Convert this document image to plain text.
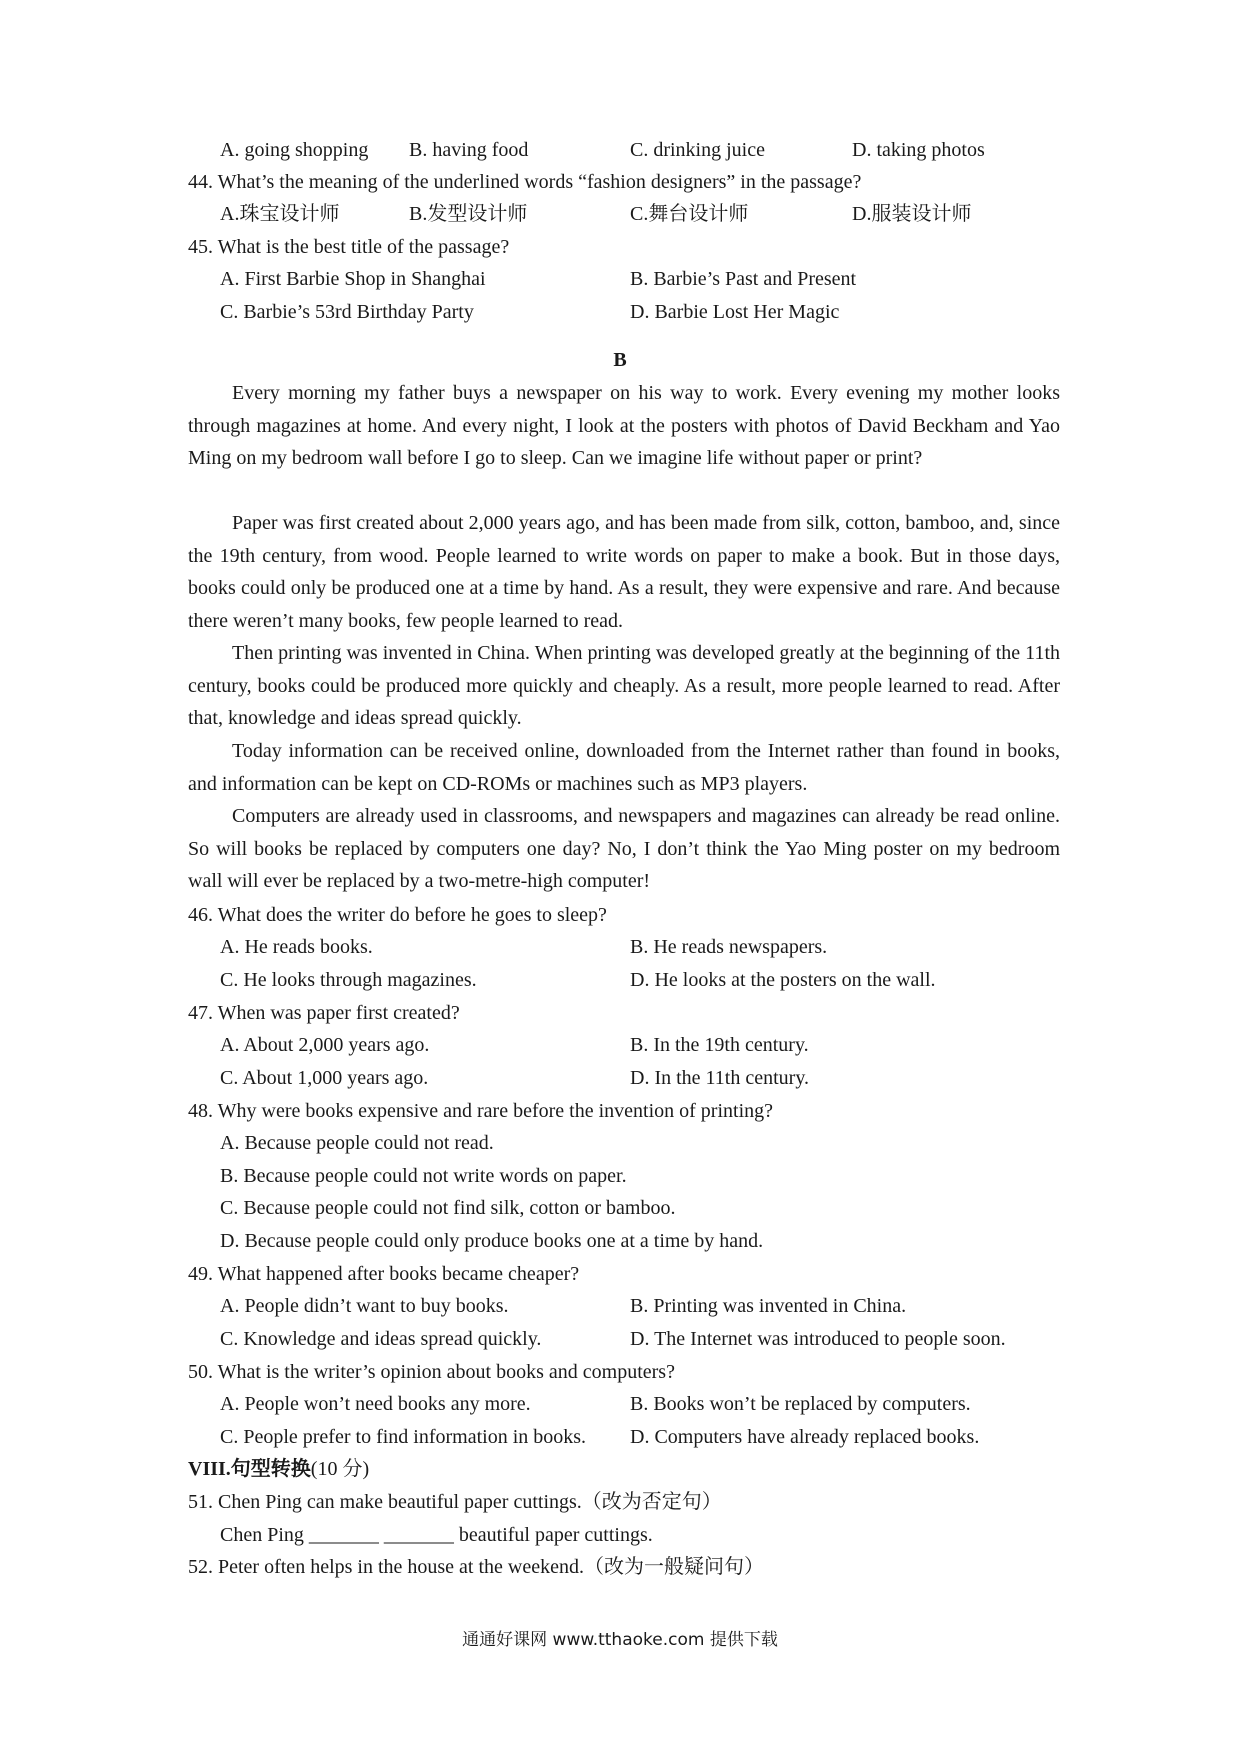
A. going shopping B. having food	C. drinking juice	D. taking photos
44. What’s the meaning of the underlined words “fashion designers” in the passage?
A.珠宝设计师	B.发型设计师	C.舞台设计师	D.服装设计师
45. What is the best title of the passage?
A. First Barbie Shop in Shanghai	B. Barbie’s Past and Present
C. Barbie’s 53rd Birthday Party	D. Barbie Lost Her Magic
B
Every morning my father buys a newspaper on his way to work. Every evening my mother looks through magazines at home. And every night, I look at the posters with photos of David Beckham and Yao Ming on my bedroom wall before I go to sleep. Can we imagine life without paper or print?
Paper was first created about 2,000 years ago, and has been made from silk, cotton, bamboo, and, since the 19th century, from wood. People learned to write words on paper to make a book. But in those days, books could only be produced one at a time by hand. As a result, they were expensive and rare. And because there weren’t many books, few people learned to read.
Then printing was invented in China. When printing was developed greatly at the beginning of the 11th century, books could be produced more quickly and cheaply. As a result, more people learned to read. After that, knowledge and ideas spread quickly.
Today information can be received online, downloaded from the Internet rather than found in books, and information can be kept on CD-ROMs or machines such as MP3 players.
Computers are already used in classrooms, and newspapers and magazines can already be read online. So will books be replaced by computers one day? No, I don’t think the Yao Ming poster on my bedroom wall will ever be replaced by a two-metre-high computer!
46. What does the writer do before he goes to sleep?
A. He reads books.	B. He reads newspapers.
C. He looks through magazines.	D. He looks at the posters on the wall.
47. When was paper first created?
A. About 2,000 years ago.	B. In the 19th century.
C. About 1,000 years ago.	D. In the 11th century.
48. Why were books expensive and rare before the invention of printing?
A. Because people could not read.
B. Because people could not write words on paper.
C. Because people could not find silk, cotton or bamboo.
D. Because people could only produce books one at a time by hand.
49. What happened after books became cheaper?
A. People didn’t want to buy books.	B. Printing was invented in China.
C. Knowledge and ideas spread quickly.	D. The Internet was introduced to people soon.
50. What is the writer’s opinion about books and computers?
A. People won’t need books any more.	B. Books won’t be replaced by computers.
C. People prefer to find information in books. D. Computers have already replaced books.
VIII.句型转换(10 分)
51. Chen Ping can make beautiful paper cuttings.（改为否定句）
Chen Ping _______ _______ beautiful paper cuttings.
52. Peter often helps in the house at the weekend.（改为一般疑问句）
通通好课网 www.tthaoke.com 提供下载
